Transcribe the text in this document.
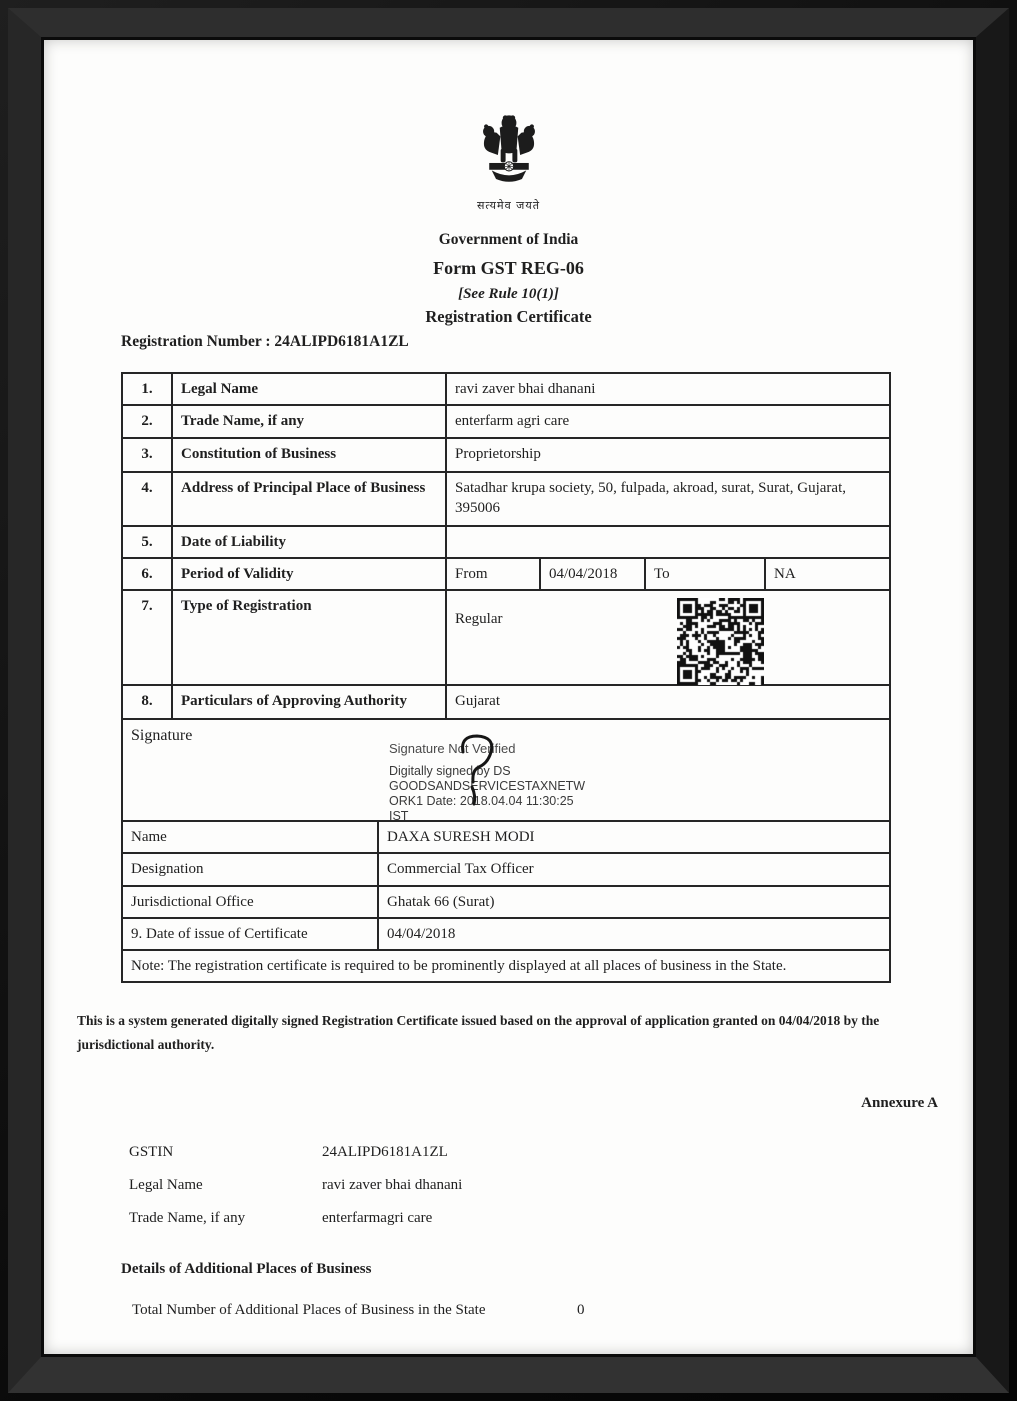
सत्यमेव जयते
Government of India
Form GST REG-06
[See Rule 10(1)]
Registration Certificate
Registration Number : 24ALIPD6181A1ZL
1.	Legal Name		ravi zaver bhai dhanani			
2.	Trade Name, if any		enterfarm agri care			
3.	Constitution of Business		Proprietorship			
4.	Address of Principal Place of Business		Satadhar krupa society, 50, fulpada, akroad, surat, Surat, Gujarat, 395006			
5.	Date of Liability					
6.	Period of Validity		From	04/04/2018	To	NA
7.	Type of Registration		Regular			

8.	Particulars of Approving Authority		Gujarat			
Signature
Signature Not Verified
Digitally signed by DS
GOODSANDSERVICESTAXNETW
ORK1 Date: 2018.04.04 11:30:25
IST

Name		DAXA SURESH MODI				
Designation		Commercial Tax Officer				
Jurisdictional Office		Ghatak 66 (Surat)				
9. Date of issue of Certificate		04/04/2018				
Note: The registration certificate is required to be prominently displayed at all places of business in the State.						

This is a system generated digitally signed Registration Certificate issued based on the approval of application granted on 04/04/2018 by the jurisdictional authority.

Annexure A
GSTIN	24ALIPD6181A1ZL
Legal Name	ravi zaver bhai dhanani
Trade Name, if any	enterfarmagri care
Details of Additional Places of Business
Total Number of Additional Places of Business in the State	0
